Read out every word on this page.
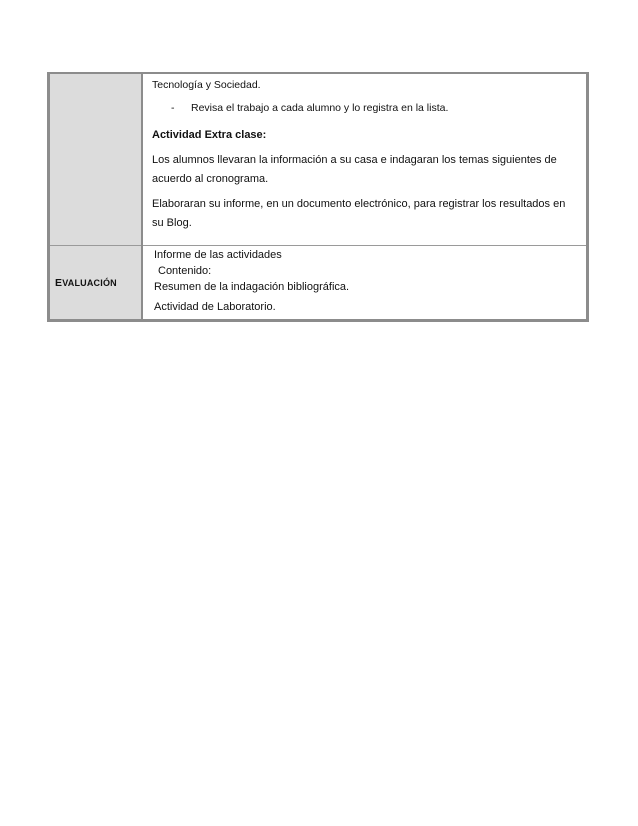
	Tecnología y Sociedad.
- Revisa el trabajo a cada alumno y lo registra en la lista.
Actividad Extra clase:
Los alumnos llevaran la información a su casa e indagaran los temas siguientes de acuerdo al cronograma.
Elaboraran su informe, en un documento electrónico, para registrar los resultados en su Blog.

EVALUACIÓN	Informe de las actividades
Contenido:
Resumen de la indagación bibliográfica.
Actividad de Laboratorio.
